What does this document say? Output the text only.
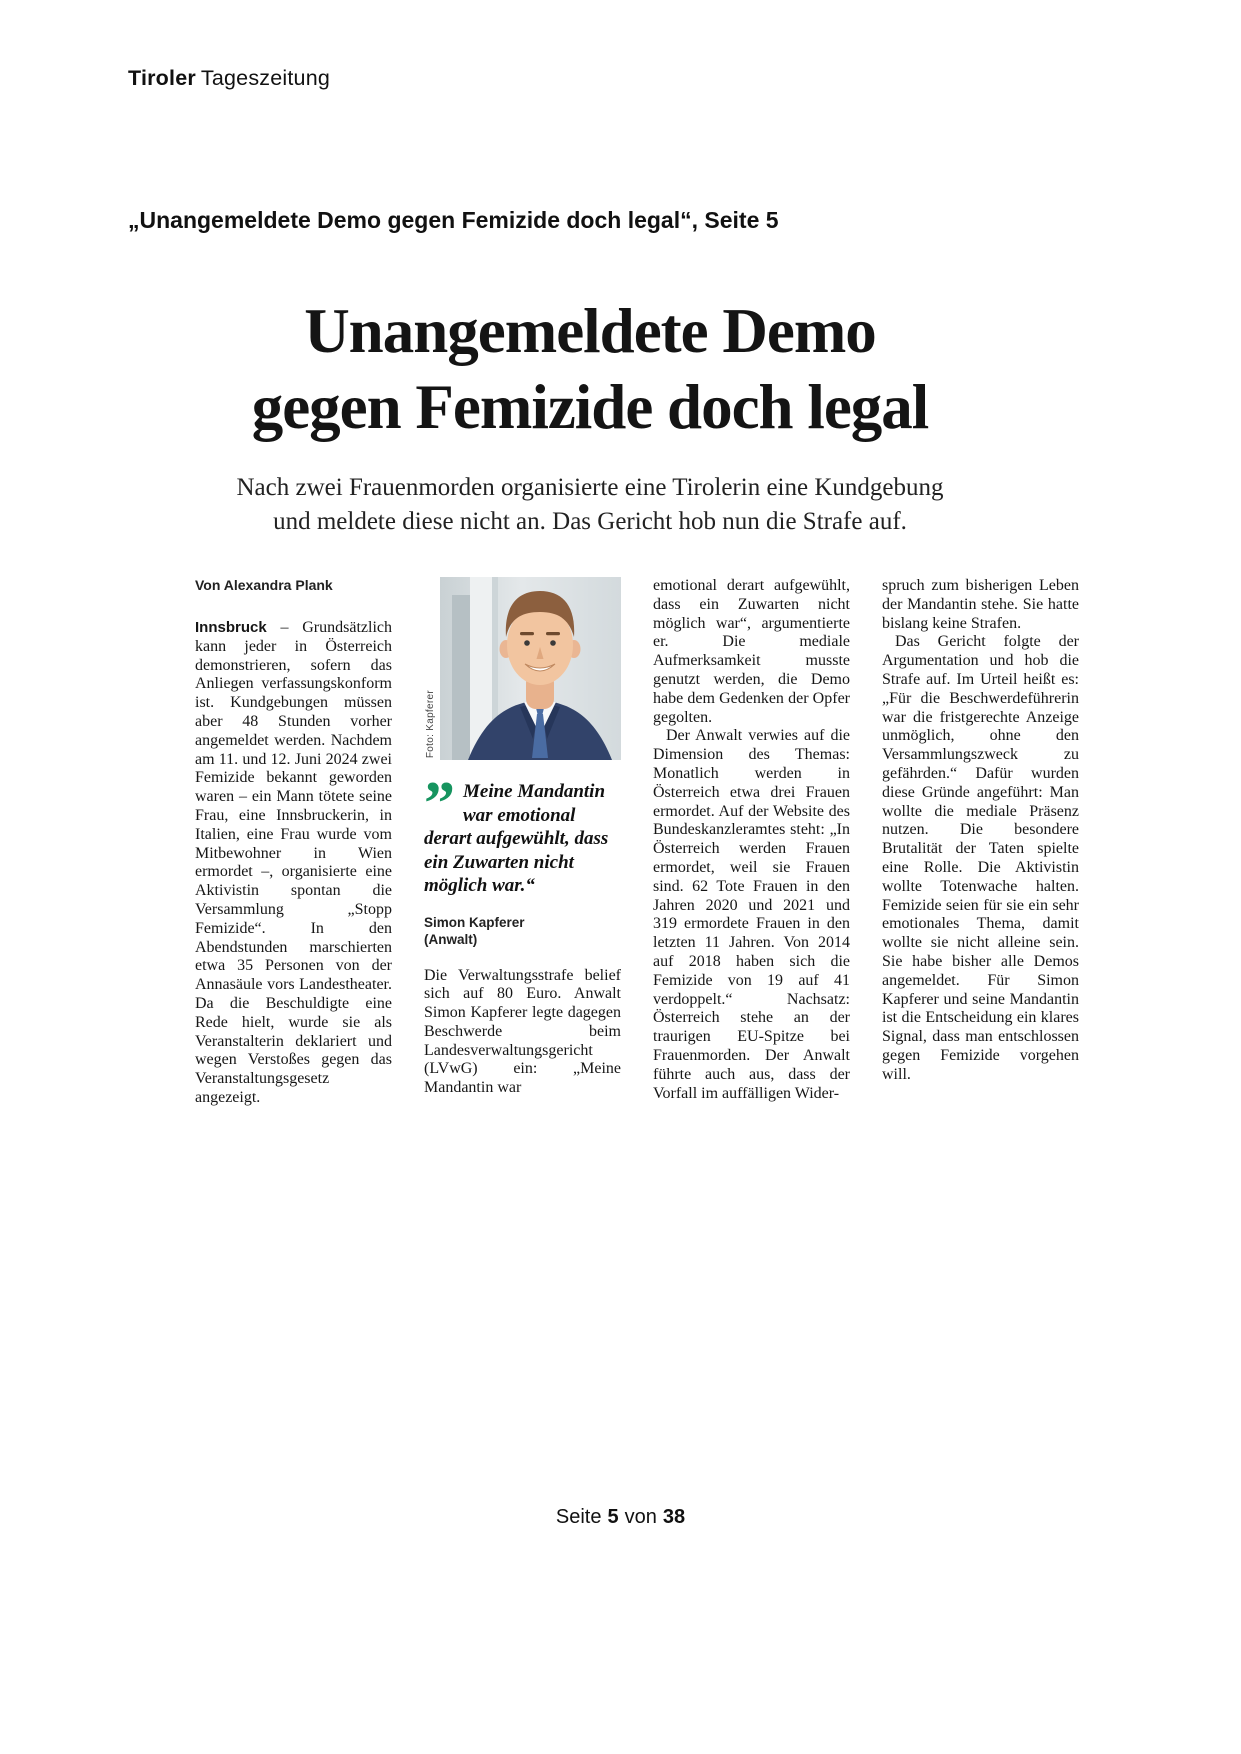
Tiroler Tageszeitung
„Unangemeldete Demo gegen Femizide doch legal“, Seite 5
Unangemeldete Demo
gegen Femizide doch legal
Nach zwei Frauenmorden organisierte eine Tirolerin eine Kundgebung
und meldete diese nicht an. Das Gericht hob nun die Strafe auf.
Von Alexandra Plank

Innsbruck – Grundsätzlich kann jeder in Österreich demonstrieren, sofern das Anliegen verfassungskonform ist. Kundgebungen müssen aber 48 Stunden vorher angemeldet werden. Nachdem am 11. und 12. Juni 2024 zwei Femizide bekannt geworden waren – ein Mann tötete seine Frau, eine Innsbruckerin, in Italien, eine Frau wurde vom Mitbewohner in Wien ermordet –, organisierte eine Aktivistin spontan die Versammlung „Stopp Femizide“. In den Abendstunden marschierten etwa 35 Personen von der Annasäule vors Landestheater. Da die Beschuldigte eine Rede hielt, wurde sie als Veranstalterin deklariert und wegen Verstoßes gegen das Veranstaltungsgesetz angezeigt.

Foto: Kapferer
” Meine Mandantin war emotional derart aufgewühlt, dass ein Zuwarten nicht möglich war.“
Simon Kapferer
(Anwalt)

Die Verwaltungsstrafe belief sich auf 80 Euro. Anwalt Simon Kapferer legte dagegen Beschwerde beim Landesverwaltungsgericht (LVwG) ein: „Meine Mandantin war

emotional derart aufgewühlt, dass ein Zuwarten nicht möglich war“, argumentierte er. Die mediale Aufmerksamkeit musste genutzt werden, die Demo habe dem Gedenken der Opfer gegolten.

Der Anwalt verwies auf die Dimension des Themas: Monatlich werden in Österreich etwa drei Frauen ermordet. Auf der Website des Bundeskanzleramtes steht: „In Österreich werden Frauen ermordet, weil sie Frauen sind. 62 Tote Frauen in den Jahren 2020 und 2021 und 319 ermordete Frauen in den letzten 11 Jahren. Von 2014 auf 2018 haben sich die Femizide von 19 auf 41 verdoppelt.“ Nachsatz: Österreich stehe an der traurigen EU-Spitze bei Frauenmorden. Der Anwalt führte auch aus, dass der Vorfall im auffälligen Wider-

spruch zum bisherigen Leben der Mandantin stehe. Sie hatte bislang keine Strafen.

Das Gericht folgte der Argumentation und hob die Strafe auf. Im Urteil heißt es: „Für die Beschwerdeführerin war die fristgerechte Anzeige unmöglich, ohne den Versammlungszweck zu gefährden.“ Dafür wurden diese Gründe angeführt: Man wollte die mediale Präsenz nutzen. Die besondere Brutalität der Taten spielte eine Rolle. Die Aktivistin wollte Totenwache halten. Femizide seien für sie ein sehr emotionales Thema, damit wollte sie nicht alleine sein. Sie habe bisher alle Demos angemeldet. Für Simon Kapferer und seine Mandantin ist die Entscheidung ein klares Signal, dass man entschlossen gegen Femizide vorgehen will.

Seite 5 von 38
